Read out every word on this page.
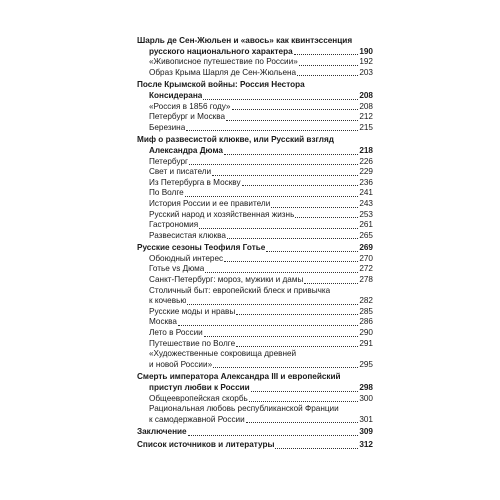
Шарль де Сен-Жюльен и «авось» как квинтэссенция
русского национального характера	190
«Живописное путешествие по России»	192
Образ Крыма Шарля де Сен-Жюльена	203
После Крымской войны: Россия Нестора
Консидерана	208
«Россия в 1856 году»	208
Петербург и Москва	212
Березина	215
Миф о развесистой клюкве, или Русский взгляд
Александра Дюма	218
Петербург	226
Свет и писатели	229
Из Петербурга в Москву	236
По Волге	241
История России и ее правители	243
Русский народ и хозяйственная жизнь	253
Гастрономия	261
Развесистая клюква	265
Русские сезоны Теофиля Готье	269
Обоюдный интерес	270
Готье vs Дюма	272
Санкт-Петербург: мороз, мужики и дамы	278
Столичный быт: европейский блеск и привычка
к кочевью	282
Русские моды и нравы	285
Москва	286
Лето в России	290
Путешествие по Волге	291
«Художественные сокровища древней
и новой России»	295
Смерть императора Александра III и европейский
приступ любви к России	298
Общеевропейская скорбь	300
Рациональная любовь республиканской Франции
к самодержавной России	301
Заключение	309
Список источников и литературы	312
